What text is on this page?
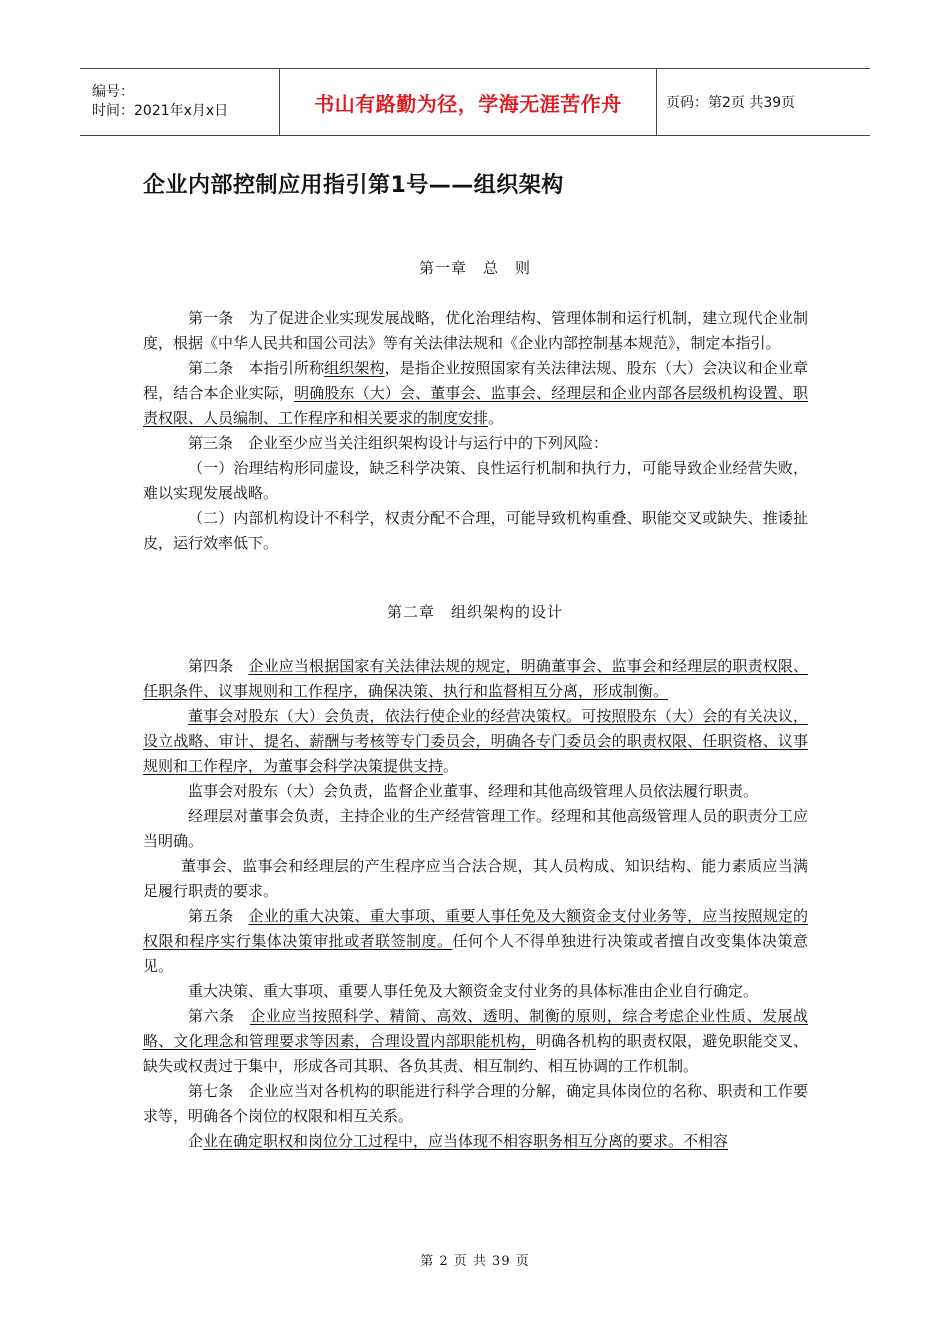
编号：
时间：2021年x月x日	书山有路勤为径，学海无涯苦作舟	页码：第2页 共39页
企业内部控制应用指引第1号——组织架构
第一章　总　则

第一条　为了促进企业实现发展战略，优化治理结构、管理体制和运行机制，建立现代企业制度，根据《中华人民共和国公司法》等有关法律法规和《企业内部控制基本规范》，制定本指引。

第二条　本指引所称组织架构，是指企业按照国家有关法律法规、股东（大）会决议和企业章程，结合本企业实际，明确股东（大）会、董事会、监事会、经理层和企业内部各层级机构设置、职责权限、人员编制、工作程序和相关要求的制度安排。

第三条　企业至少应当关注组织架构设计与运行中的下列风险：

（一）治理结构形同虚设，缺乏科学决策、良性运行机制和执行力，可能导致企业经营失败，难以实现发展战略。

（二）内部机构设计不科学，权责分配不合理，可能导致机构重叠、职能交叉或缺失、推诿扯皮，运行效率低下。

第二章　组织架构的设计

第四条　企业应当根据国家有关法律法规的规定，明确董事会、监事会和经理层的职责权限、任职条件、议事规则和工作程序，确保决策、执行和监督相互分离，形成制衡。

董事会对股东（大）会负责，依法行使企业的经营决策权。可按照股东（大）会的有关决议，设立战略、审计、提名、薪酬与考核等专门委员会，明确各专门委员会的职责权限、任职资格、议事规则和工作程序，为董事会科学决策提供支持。

监事会对股东（大）会负责，监督企业董事、经理和其他高级管理人员依法履行职责。

经理层对董事会负责，主持企业的生产经营管理工作。经理和其他高级管理人员的职责分工应当明确。

董事会、监事会和经理层的产生程序应当合法合规，其人员构成、知识结构、能力素质应当满足履行职责的要求。

第五条　企业的重大决策、重大事项、重要人事任免及大额资金支付业务等，应当按照规定的权限和程序实行集体决策审批或者联签制度。任何个人不得单独进行决策或者擅自改变集体决策意见。

重大决策、重大事项、重要人事任免及大额资金支付业务的具体标准由企业自行确定。

第六条　企业应当按照科学、精简、高效、透明、制衡的原则，综合考虑企业性质、发展战略、文化理念和管理要求等因素，合理设置内部职能机构，明确各机构的职责权限，避免职能交叉、缺失或权责过于集中，形成各司其职、各负其责、相互制约、相互协调的工作机制。

第七条　企业应当对各机构的职能进行科学合理的分解，确定具体岗位的名称、职责和工作要求等，明确各个岗位的权限和相互关系。

企业在确定职权和岗位分工过程中，应当体现不相容职务相互分离的要求。不相容

第 2 页 共 39 页
